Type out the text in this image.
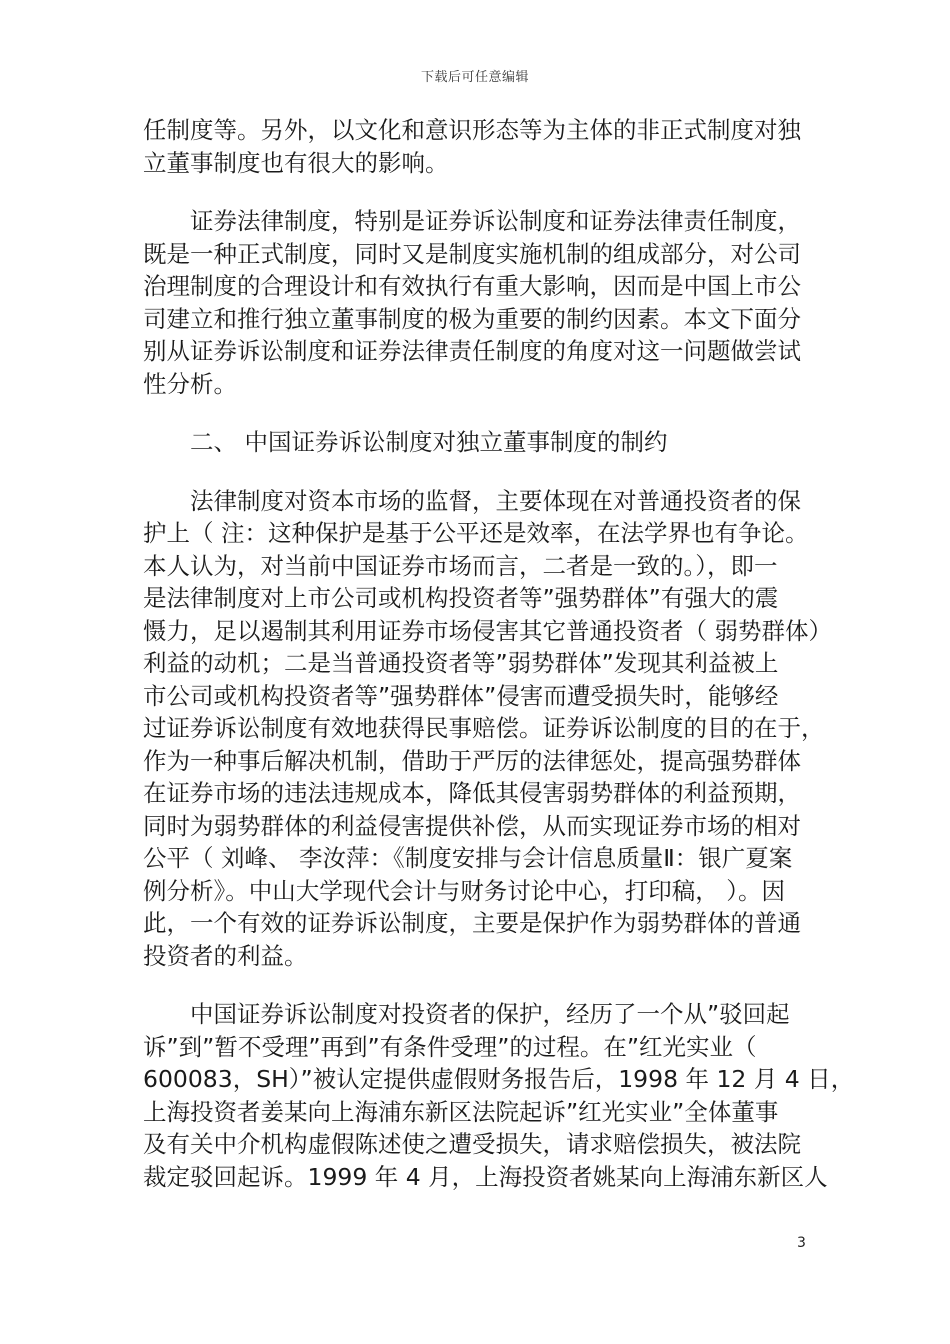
下载后可任意编辑
任制度等。另外，以文化和意识形态等为主体的非正式制度对独
立董事制度也有很大的影响。
证券法律制度，特别是证券诉讼制度和证券法律责任制度，
既是一种正式制度，同时又是制度实施机制的组成部分，对公司
治理制度的合理设计和有效执行有重大影响，因而是中国上市公
司建立和推行独立董事制度的极为重要的制约因素。本文下面分
别从证券诉讼制度和证券法律责任制度的角度对这一问题做尝试
性分析。
二、 中国证券诉讼制度对独立董事制度的制约
法律制度对资本市场的监督，主要体现在对普通投资者的保
护上（ 注：这种保护是基于公平还是效率，在法学界也有争论。
本人认为，对当前中国证券市场而言，二者是一致的。），即一
是法律制度对上市公司或机构投资者等”强势群体”有强大的震
慑力，足以遏制其利用证券市场侵害其它普通投资者（ 弱势群体）
利益的动机；二是当普通投资者等”弱势群体”发现其利益被上
市公司或机构投资者等”强势群体”侵害而遭受损失时，能够经
过证券诉讼制度有效地获得民事赔偿。证券诉讼制度的目的在于，
作为一种事后解决机制，借助于严厉的法律惩处，提高强势群体
在证券市场的违法违规成本，降低其侵害弱势群体的利益预期，
同时为弱势群体的利益侵害提供补偿，从而实现证券市场的相对
公平（ 刘峰、 李汝萍：《制度安排与会计信息质量Ⅱ：银广夏案
例分析》。中山大学现代会计与财务讨论中心，打印稿， ）。因
此，一个有效的证券诉讼制度，主要是保护作为弱势群体的普通
投资者的利益。
中国证券诉讼制度对投资者的保护，经历了一个从”驳回起
诉”到”暂不受理”再到”有条件受理”的过程。在”红光实业（
600083，SH）”被认定提供虚假财务报告后，1998 年 12 月 4 日，
上海投资者姜某向上海浦东新区法院起诉”红光实业”全体董事
及有关中介机构虚假陈述使之遭受损失，请求赔偿损失，被法院
裁定驳回起诉。1999 年 4 月，上海投资者姚某向上海浦东新区人
3
